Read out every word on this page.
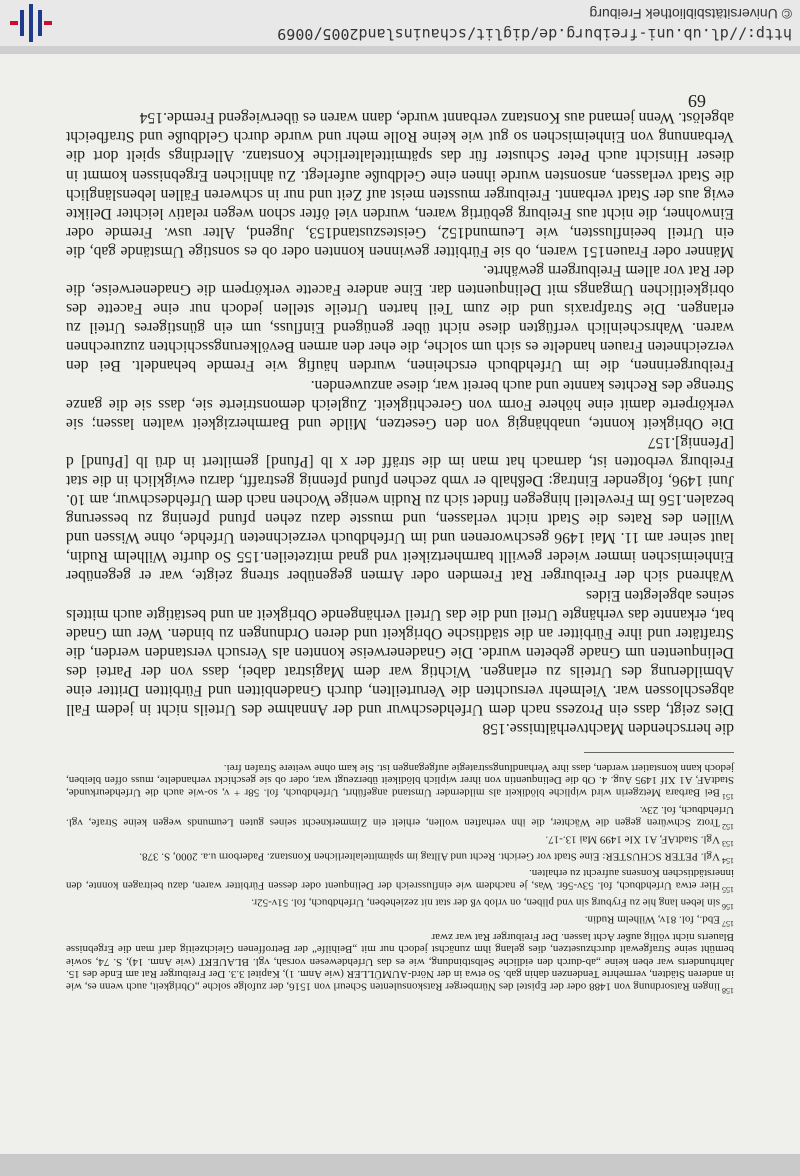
$^{158}$lingen Ratsordnung von 1488 oder der Epistel des Nürnberger Ratskonsulenten Scheurl von 1516, der zufolge solche „Obrigkeit, auch wenn es, wie in anderen Städten, vermehrte Tendenzen dahin gab. So etwa in der Nörd-AUMÜLLER (wie Anm. 1), Kapitel 3.3. Der Freiburger Rat am Ende des 15. Jahrhunderts war eben keine „ab-durch den eidliche Selbstbindung, wie es das Urfehdewesen vorsah, vgl. BLAUERT (wie Anm. 14), S. 74, sowie bemüht seine Strafgewalt durchzusetzen, dies gelang ihm zunächst jedoch nur mit „Beihilfe“ der Betroffenen Gleichzeitig darf man die Ergebnisse Blauerts nicht völlig außer Acht lassen. Der Freiburger Rat war zwar

$^{157}$Ebd., fol. 81v, Wilhelm Rudin.

$^{156}$sin leben lang hie zu Fryburg sin vnd pliben, on vrlob vß der stat nit zezieheben, Urfehdbuch, fol. 51v-52r.

$^{155}$Hier etwa Urfehdbuch, fol. 53v-56r. Was, je nachdem wie einflussreich der Delinquent oder dessen Fürbitter waren, dazu beitragen konnte, den innerstädtischen Konsens aufrecht zu erhalten.

$^{154}$Vgl. PETER SCHUSTER: Eine Stadt vor Gericht. Recht und Alltag im spätmittelalterlichen Konstanz. Paderborn u.a. 2000, S. 378.

$^{153}$Vgl. StadtAF, A1 XIe 1499 Mai 13.-17.

$^{152}$Trotz Schwüren gegen die Wächter, die ihn verhaften wollen, erhielt ein Zimmerknecht seines guten Leumunds wegen keine Strafe, vgl. Urfehdbuch, fol. 23v.

$^{151}$Bei Barbara Metzgerin wird wipliche blödikeit als mildernder Umstand angeführt, Urfehdbuch, fol. 58r + v, so-wie auch die Urfehdeurkunde, StadtAF, A1 XIf 1495 Aug. 4. Ob die Delinquentin von ihrer wiplich blödikeit überzeugt war, oder ob sie geschickt verhandelte, muss offen bleiben, jedoch kann konstatiert werden, dass ihre Verhandlungsstrategie aufgegangen ist. Sie kam ohne weitere Strafen frei.

die herrschenden Machtverhältnisse.158

Dies zeigt, dass ein Prozess nach dem Urfehdeschwur und der Annahme des Urteils nicht in jedem Fall abgeschlossen war. Vielmehr versuchten die Verurteilten, durch Gnadenbitten und Fürbitten Dritter eine Abmilderung des Urteils zu erlangen. Wichtig war dem Magistrat dabei, dass von der Partei des Delinquenten um Gnade gebeten wurde. Die Gnadenerweise konnten als Versuch verstanden werden, die Straftäter und ihre Fürbitter an die städtische Obrigkeit und deren Ordnungen zu binden. Wer um Gnade bat, erkannte das verhängte Urteil und die das Urteil verhängende Obrigkeit an und bestätigte auch mittels seines abgelegten Eides

Während sich der Freiburger Rat Fremden oder Armen gegenüber streng zeigte, war er gegenüber Einheimischen immer wieder gewillt barmhertzikeit vnd gnad mitzeteilen.155 So durfte Wilhelm Rudin, laut seiner am 11. Mai 1496 geschworenen und im Urfehdbuch verzeichneten Urfehde, ohne Wissen und Willen des Rates die Stadt nicht verlassen, und musste dazu zehen pfund pfening zu besserung bezalen.156 Im Frevelteil hingegen findet sich zu Rudin wenige Wochen nach dem Urfehdeschwur, am 10. Juni 1496, folgender Eintrag: Deßhalb er vmb zechen pfund pfennig gestrafft, darzu ewigklich in die stat Freiburg verbotten ist, darnach hat man im die sträff der x lb [Pfund] gemiltert in drü lb [Pfund] d [Pfennig].157

Die Obrigkeit konnte, unabhängig von den Gesetzen, Milde und Barmherzigkeit walten lassen; sie verkörperte damit eine höhere Form von Gerechtigkeit. Zugleich demonstrierte sie, dass sie die ganze Strenge des Rechtes kannte und auch bereit war, diese anzuwenden.

Freiburgerinnen, die im Urfehdbuch erscheinen, wurden häufig wie Fremde behandelt. Bei den verzeichneten Frauen handelte es sich um solche, die eher den armen Bevölkerungsschichten zuzurechnen waren. Wahrscheinlich verfügten diese nicht über genügend Einfluss, um ein günstigeres Urteil zu erlangen. Die Strafpraxis und die zum Teil harten Urteile stellen jedoch nur eine Facette des obrigkeitlichen Umgangs mit Delinquenten dar. Eine andere Facette verkörpern die Gnadenerweise, die der Rat vor allem Freiburgern gewährte.

Männer oder Frauen151 waren, ob sie Fürbitter gewinnen konnten oder ob es sonstige Umstände gab, die ein Urteil beeinflussten, wie Leumund152, Geisteszustand153, Jugend, Alter usw. Fremde oder Einwohner, die nicht aus Freiburg gebürtig waren, wurden viel öfter schon wegen relativ leichter Delikte ewig aus der Stadt verbannt. Freiburger mussten meist auf Zeit und nur in schweren Fällen lebenslänglich die Stadt verlassen, ansonsten wurde ihnen eine Geldbuße auferlegt. Zu ähnlichen Ergebnissen kommt in dieser Hinsicht auch Peter Schuster für das spätmittelalterliche Konstanz. Allerdings spielt dort die Verbannung von Einheimischen so gut wie keine Rolle mehr und wurde durch Geldbuße und Strafbeicht abgelöst. Wenn jemand aus Konstanz verbannt wurde, dann waren es überwiegend Fremde.154

69
http://dl.ub.uni-freiburg.de/diglit/schauinsland2005/0069
© Universitätsbibliothek Freiburg
